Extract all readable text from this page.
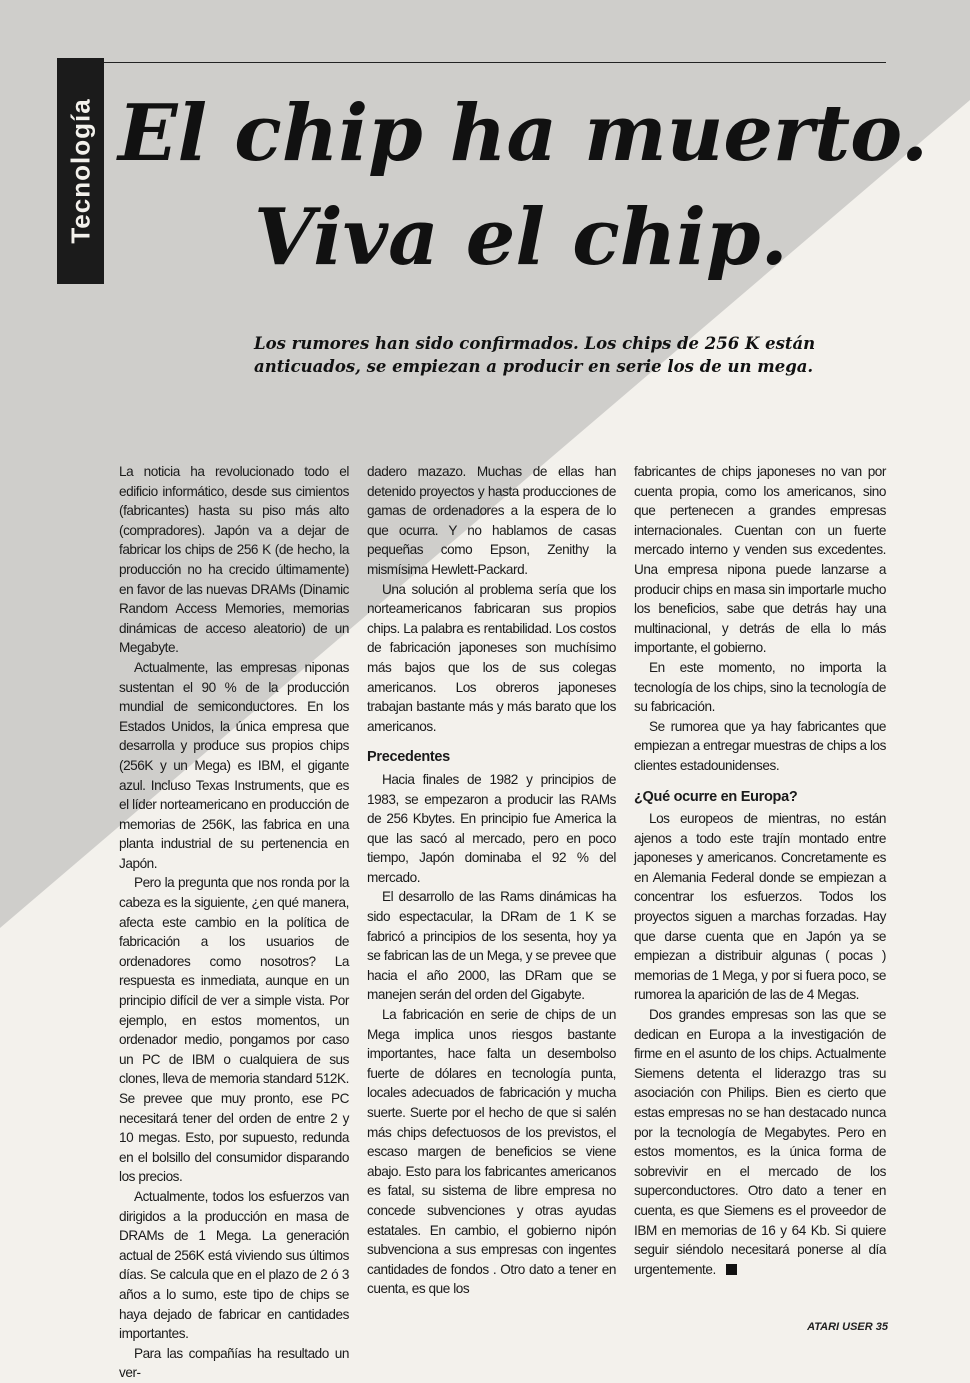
Tecnología El chip ha muerto.
Viva el chip.

Los rumores han sido confirmados. Los chips de 256 K están anticuados, se empiezan a producir en serie los de un mega.

La noticia ha revolucionado todo el edificio informático, desde sus cimientos (fabricantes) hasta su piso más alto (compradores). Japón va a dejar de fabricar los chips de 256 K (de hecho, la producción no ha crecido últimamente) en favor de las nuevas DRAMs (Dinamic Random Access Memories, memorias dinámicas de acceso aleatorio) de un Megabyte.

Actualmente, las empresas niponas sustentan el 90 % de la producción mundial de semiconductores. En los Estados Unidos, la única empresa que desarrolla y produce sus propios chips (256K y un Mega) es IBM, el gigante azul. Incluso Texas Instruments, que es el líder norteamericano en producción de memorias de 256K, las fabrica en una planta industrial de su pertenencia en Japón.

Pero la pregunta que nos ronda por la cabeza es la siguiente, ¿en qué manera, afecta este cambio en la política de fabricación a los usuarios de ordenadores como nosotros? La respuesta es inmediata, aunque en un principio difícil de ver a simple vista. Por ejemplo, en estos momentos, un ordenador medio, pongamos por caso un PC de IBM o cualquiera de sus clones, lleva de memoria standard 512K. Se prevee que muy pronto, ese PC necesitará tener del orden de entre 2 y 10 megas. Esto, por supuesto, redunda en el bolsillo del consumidor disparando los precios.

Actualmente, todos los esfuerzos van dirigidos a la producción en masa de DRAMs de 1 Mega. La generación actual de 256K está viviendo sus últimos días. Se calcula que en el plazo de 2 ó 3 años a lo sumo, este tipo de chips se haya dejado de fabricar en cantidades importantes.

Para las compañías ha resultado un ver-

dadero mazazo. Muchas de ellas han detenido proyectos y hasta producciones de gamas de ordenadores a la espera de lo que ocurra. Y no hablamos de casas pequeñas como Epson, Zenithy la mismísima Hewlett-Packard.

Una solución al problema sería que los norteamericanos fabricaran sus propios chips. La palabra es rentabilidad. Los costos de fabricación japoneses son muchísimo más bajos que los de sus colegas americanos. Los obreros japoneses trabajan bastante más y más barato que los americanos.

Precedentes

Hacia finales de 1982 y principios de 1983, se empezaron a producir las RAMs de 256 Kbytes. En principio fue America la que las sacó al mercado, pero en poco tiempo, Japón dominaba el 92 % del mercado.

El desarrollo de las Rams dinámicas ha sido espectacular, la DRam de 1 K se fabricó a principios de los sesenta, hoy ya se fabrican las de un Mega, y se prevee que hacia el año 2000, las DRam que se manejen serán del orden del Gigabyte.

La fabricación en serie de chips de un Mega implica unos riesgos bastante importantes, hace falta un desembolso fuerte de dólares en tecnología punta, locales adecuados de fabricación y mucha suerte. Suerte por el hecho de que si salén más chips defectuosos de los previstos, el escaso margen de beneficios se viene abajo. Esto para los fabricantes americanos es fatal, su sistema de libre empresa no concede subvenciones y otras ayudas estatales. En cambio, el gobierno nipón subvenciona a sus empresas con ingentes cantidades de fondos . Otro dato a tener en cuenta, es que los

fabricantes de chips japoneses no van por cuenta propia, como los americanos, sino que pertenecen a grandes empresas internacionales. Cuentan con un fuerte mercado interno y venden sus excedentes. Una empresa nipona puede lanzarse a producir chips en masa sin importarle mucho los beneficios, sabe que detrás hay una multinacional, y detrás de ella lo más importante, el gobierno.

En este momento, no importa la tecnología de los chips, sino la tecnología de su fabricación.

Se rumorea que ya hay fabricantes que empiezan a entregar muestras de chips a los clientes estadounidenses.

¿Qué ocurre en Europa?

Los europeos de mientras, no están ajenos a todo este trajín montado entre japoneses y americanos. Concretamente es en Alemania Federal donde se empiezan a concentrar los esfuerzos. Todos los proyectos siguen a marchas forzadas. Hay que darse cuenta que en Japón ya se empiezan a distribuir algunas ( pocas ) memorias de 1 Mega, y por si fuera poco, se rumorea la aparición de las de 4 Megas.

Dos grandes empresas son las que se dedican en Europa a la investigación de firme en el asunto de los chips. Actualmente Siemens detenta el liderazgo tras su asociación con Philips. Bien es cierto que estas empresas no se han destacado nunca por la tecnología de Megabytes. Pero en estos momentos, es la única forma de sobrevivir en el mercado de los superconductores. Otro dato a tener en cuenta, es que Siemens es el proveedor de IBM en memorias de 16 y 64 Kb. Si quiere seguir siéndolo necesitará ponerse al día urgentemente.

ATARI USER 35
